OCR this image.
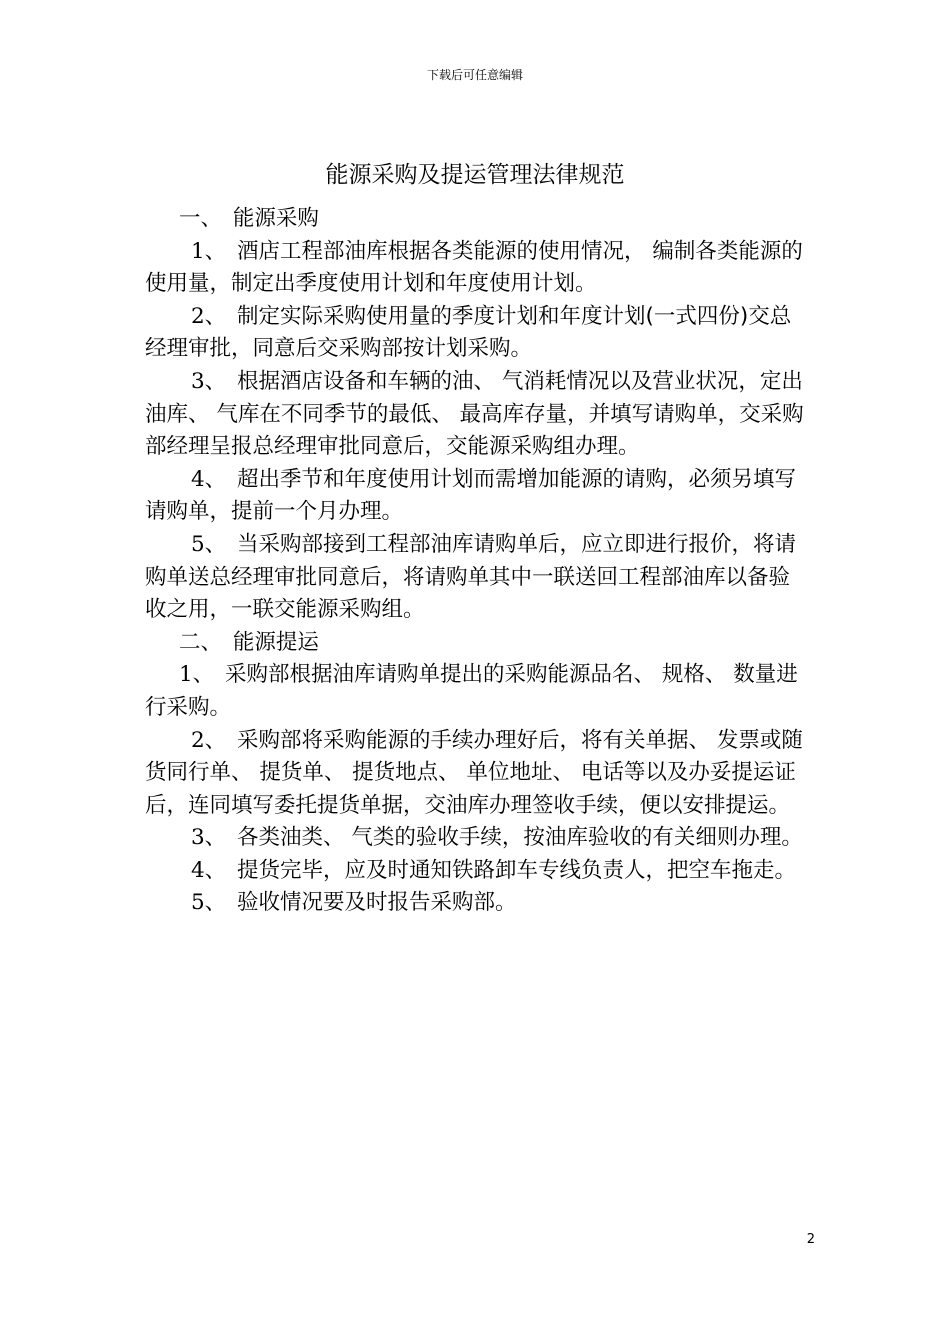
下载后可任意编辑
能源采购及提运管理法律规范

一、 能源采购

1、 酒店工程部油库根据各类能源的使用情况， 编制各类能源的使用量，制定出季度使用计划和年度使用计划。

2、 制定实际采购使用量的季度计划和年度计划(一式四份)交总经理审批，同意后交采购部按计划采购。

3、 根据酒店设备和车辆的油、 气消耗情况以及营业状况，定出油库、 气库在不同季节的最低、 最高库存量，并填写请购单，交采购部经理呈报总经理审批同意后，交能源采购组办理。

4、 超出季节和年度使用计划而需增加能源的请购，必须另填写请购单，提前一个月办理。

5、 当采购部接到工程部油库请购单后，应立即进行报价，将请购单送总经理审批同意后，将请购单其中一联送回工程部油库以备验收之用，一联交能源采购组。

二、 能源提运

1、 采购部根据油库请购单提出的采购能源品名、 规格、 数量进行采购。

2、 采购部将采购能源的手续办理好后，将有关单据、 发票或随货同行单、 提货单、 提货地点、 单位地址、 电话等以及办妥提运证后，连同填写委托提货单据，交油库办理签收手续，便以安排提运。

3、 各类油类、 气类的验收手续，按油库验收的有关细则办理。

4、 提货完毕，应及时通知铁路卸车专线负责人，把空车拖走。

5、 验收情况要及时报告采购部。

2
